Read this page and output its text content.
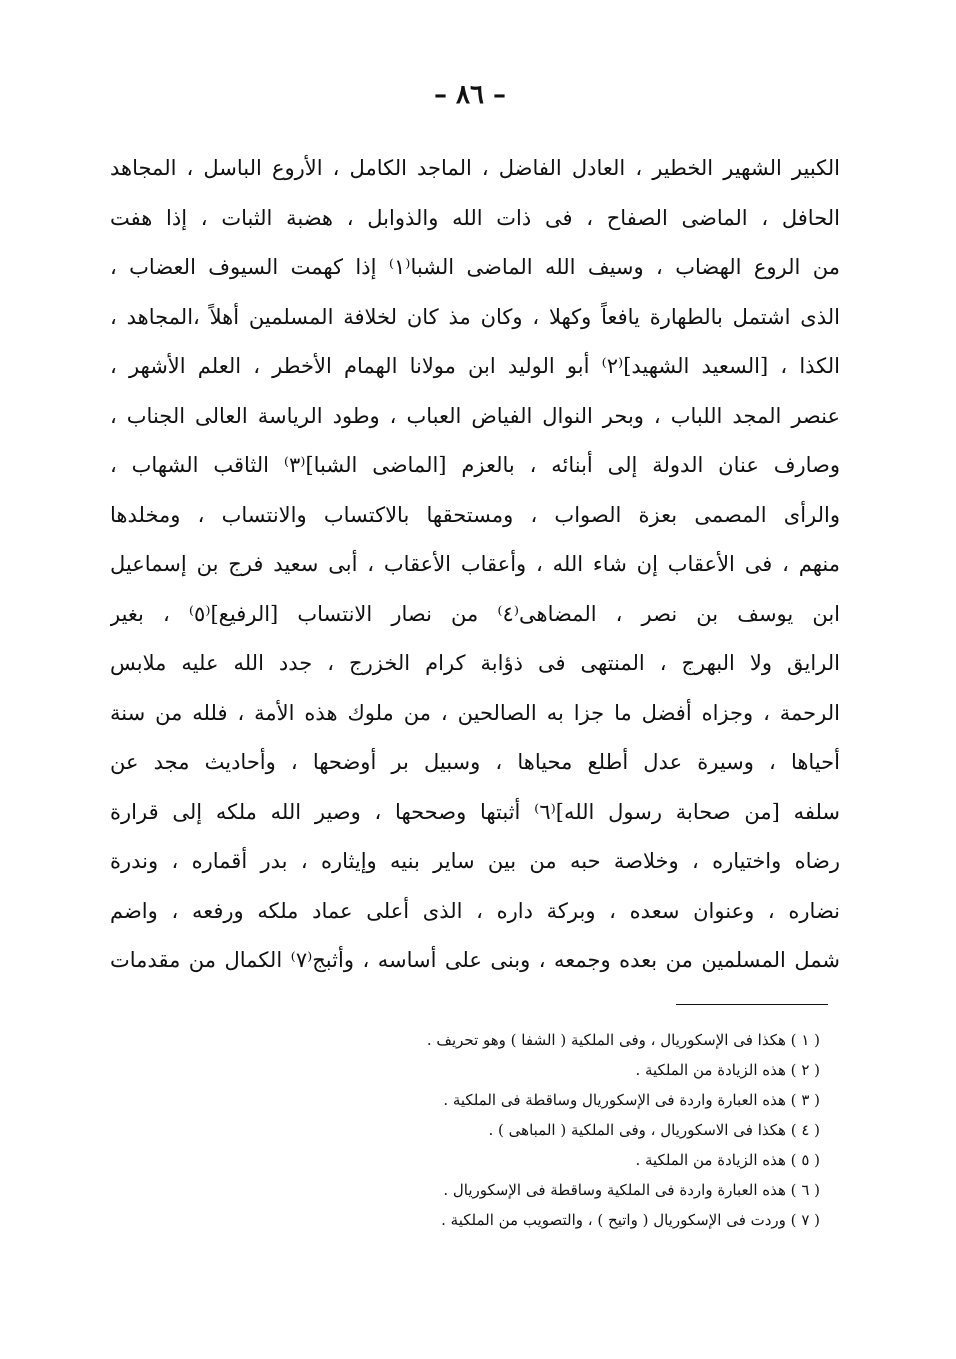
– ٨٦ –
الكبير الشهير الخطير ، العادل الفاضل ، الماجد الكامل ، الأروع الباسل ، المجاهد
الحافل ، الماضى الصفاح ، فى ذات الله والذوابل ، هضبة الثبات ، إذا هفت
من الروع الهضاب ، وسيف الله الماضى الشبا⁽١⁾ إذا كهمت السيوف العضاب ،
الذى اشتمل بالطهارة يافعاً وكهلا ، وكان مذ كان لخلافة المسلمين أهلاً ،المجاهد ،
الكذا ، [السعيد الشهيد]⁽٢⁾ أبو الوليد ابن مولانا الهمام الأخطر ، العلم الأشهر ،
عنصر المجد اللباب ، وبحر النوال الفياض العباب ، وطود الرياسة العالى الجناب ،
وصارف عنان الدولة إلى أبنائه ، بالعزم [الماضى الشبا]⁽٣⁾ الثاقب الشهاب ،
والرأى المصمى بعزة الصواب ، ومستحقها بالاكتساب والانتساب ، ومخلدها
منهم ، فى الأعقاب إن شاء الله ، وأعقاب الأعقاب ، أبى سعيد فرج بن إسماعيل
ابن يوسف بن نصر ، المضاهى⁽٤⁾ من نصار الانتساب [الرفيع]⁽٥⁾ ، بغير
الرايق ولا البهرج ، المنتهى فى ذؤابة كرام الخزرج ، جدد الله عليه ملابس
الرحمة ، وجزاه أفضل ما جزا به الصالحين ، من ملوك هذه الأمة ، فلله من سنة
أحياها ، وسيرة عدل أطلع محياها ، وسبيل بر أوضحها ، وأحاديث مجد عن
سلفه [من صحابة رسول الله]⁽٦⁾ أثبتها وصححها ، وصير الله ملكه إلى قرارة
رضاه واختياره ، وخلاصة حبه من بين ساير بنيه وإيثاره ، بدر أقماره ، وندرة
نضاره ، وعنوان سعده ، وبركة داره ، الذى أعلى عماد ملكه ورفعه ، واضم
شمل المسلمين من بعده وجمعه ، وبنى على أساسه ، وأثبج⁽٧⁾ الكمال من مقدمات
( ١ ) هكذا فى الإسكوريال ، وفى الملكية ( الشفا ) وهو تحريف .
( ٢ ) هذه الزيادة من الملكية .
( ٣ ) هذه العبارة واردة فى الإسكوريال وساقطة فى الملكية .
( ٤ ) هكذا فى الاسكوريال ، وفى الملكية ( المباهى ) .
( ٥ ) هذه الزيادة من الملكية .
( ٦ ) هذه العبارة واردة فى الملكية وساقطة فى الإسكوريال .
( ٧ ) وردت فى الإسكوريال ( واتيح ) ، والتصويب من الملكية .
